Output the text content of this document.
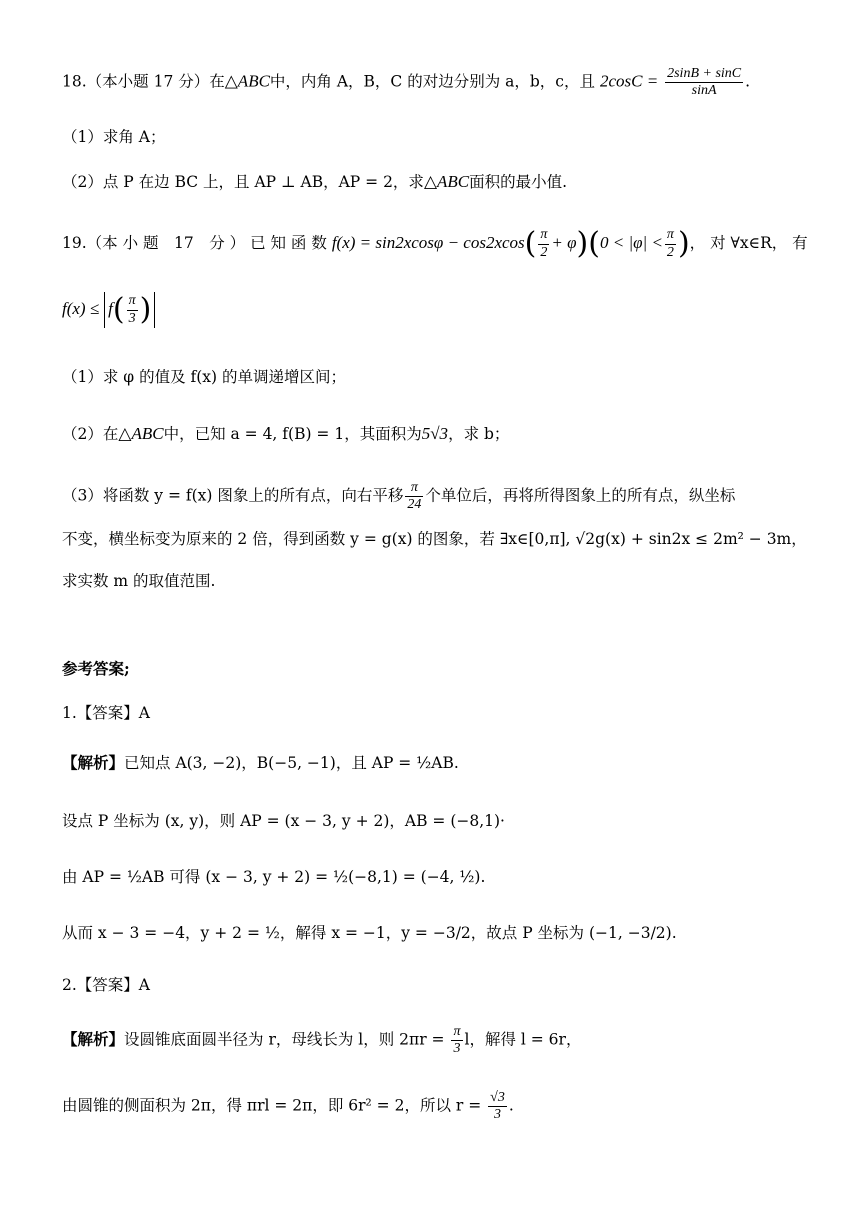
18.（本小题 17 分）在△ABC中，内角 A，B，C 的对边分别为 a，b，c，且 $2\cos C = \frac{2\sin B + \sin C}{\sin A}$ .
（1）求角 A；
（2）点 P 在边 BC 上，且 AP ⊥ AB，AP = 2，求△ABC面积的最小值.
19.（本 小 题　17　分 ） 已 知 函 数 $f(x) = \sin 2xcos\varphi - \cos 2xcos( \frac{\pi}{2} + \varphi)(0 < |\varphi| < \frac{\pi}{2}$ )， 对 ∀x∈R， 有
$f(x) \le f( \frac{\pi}{3}$ )
（1）求 φ 的值及 f(x) 的单调递增区间；
（2）在△ABC中，已知 a = 4, f(B) = 1，其面积为5√3，求 b；
（3）将函数 y = f(x) 图象上的所有点，向右平移 $\frac{\pi}{24}$ 个单位后，再将所得图象上的所有点，纵坐标
不变，横坐标变为原来的 2 倍，得到函数 y = g(x) 的图象，若 ∃x∈[0,π], √2g(x) + sin2x ≤ 2m² − 3m，
求实数 m 的取值范围.
参考答案;
1.【答案】A
【解析】已知点 A(3, −2)，B(−5, −1)，且 AP = ½AB.
设点 P 坐标为 (x, y)，则 AP = (x − 3, y + 2)，AB = (−8,1)·
由 AP = ½AB 可得 (x − 3, y + 2) = ½(−8,1) = (−4, ½).
从而 x − 3 = −4，y + 2 = ½，解得 x = −1，y = −3/2，故点 P 坐标为 (−1, −3/2).
2.【答案】A
【解析】设圆锥底面圆半径为 r，母线长为 l，则 $2\pi r = \frac{\pi}{3}$ l，解得 l = 6r，
由圆锥的侧面积为 2π，得 πrl = 2π，即 6r² = 2，所以 $r = \frac{√3}{3}$ .
